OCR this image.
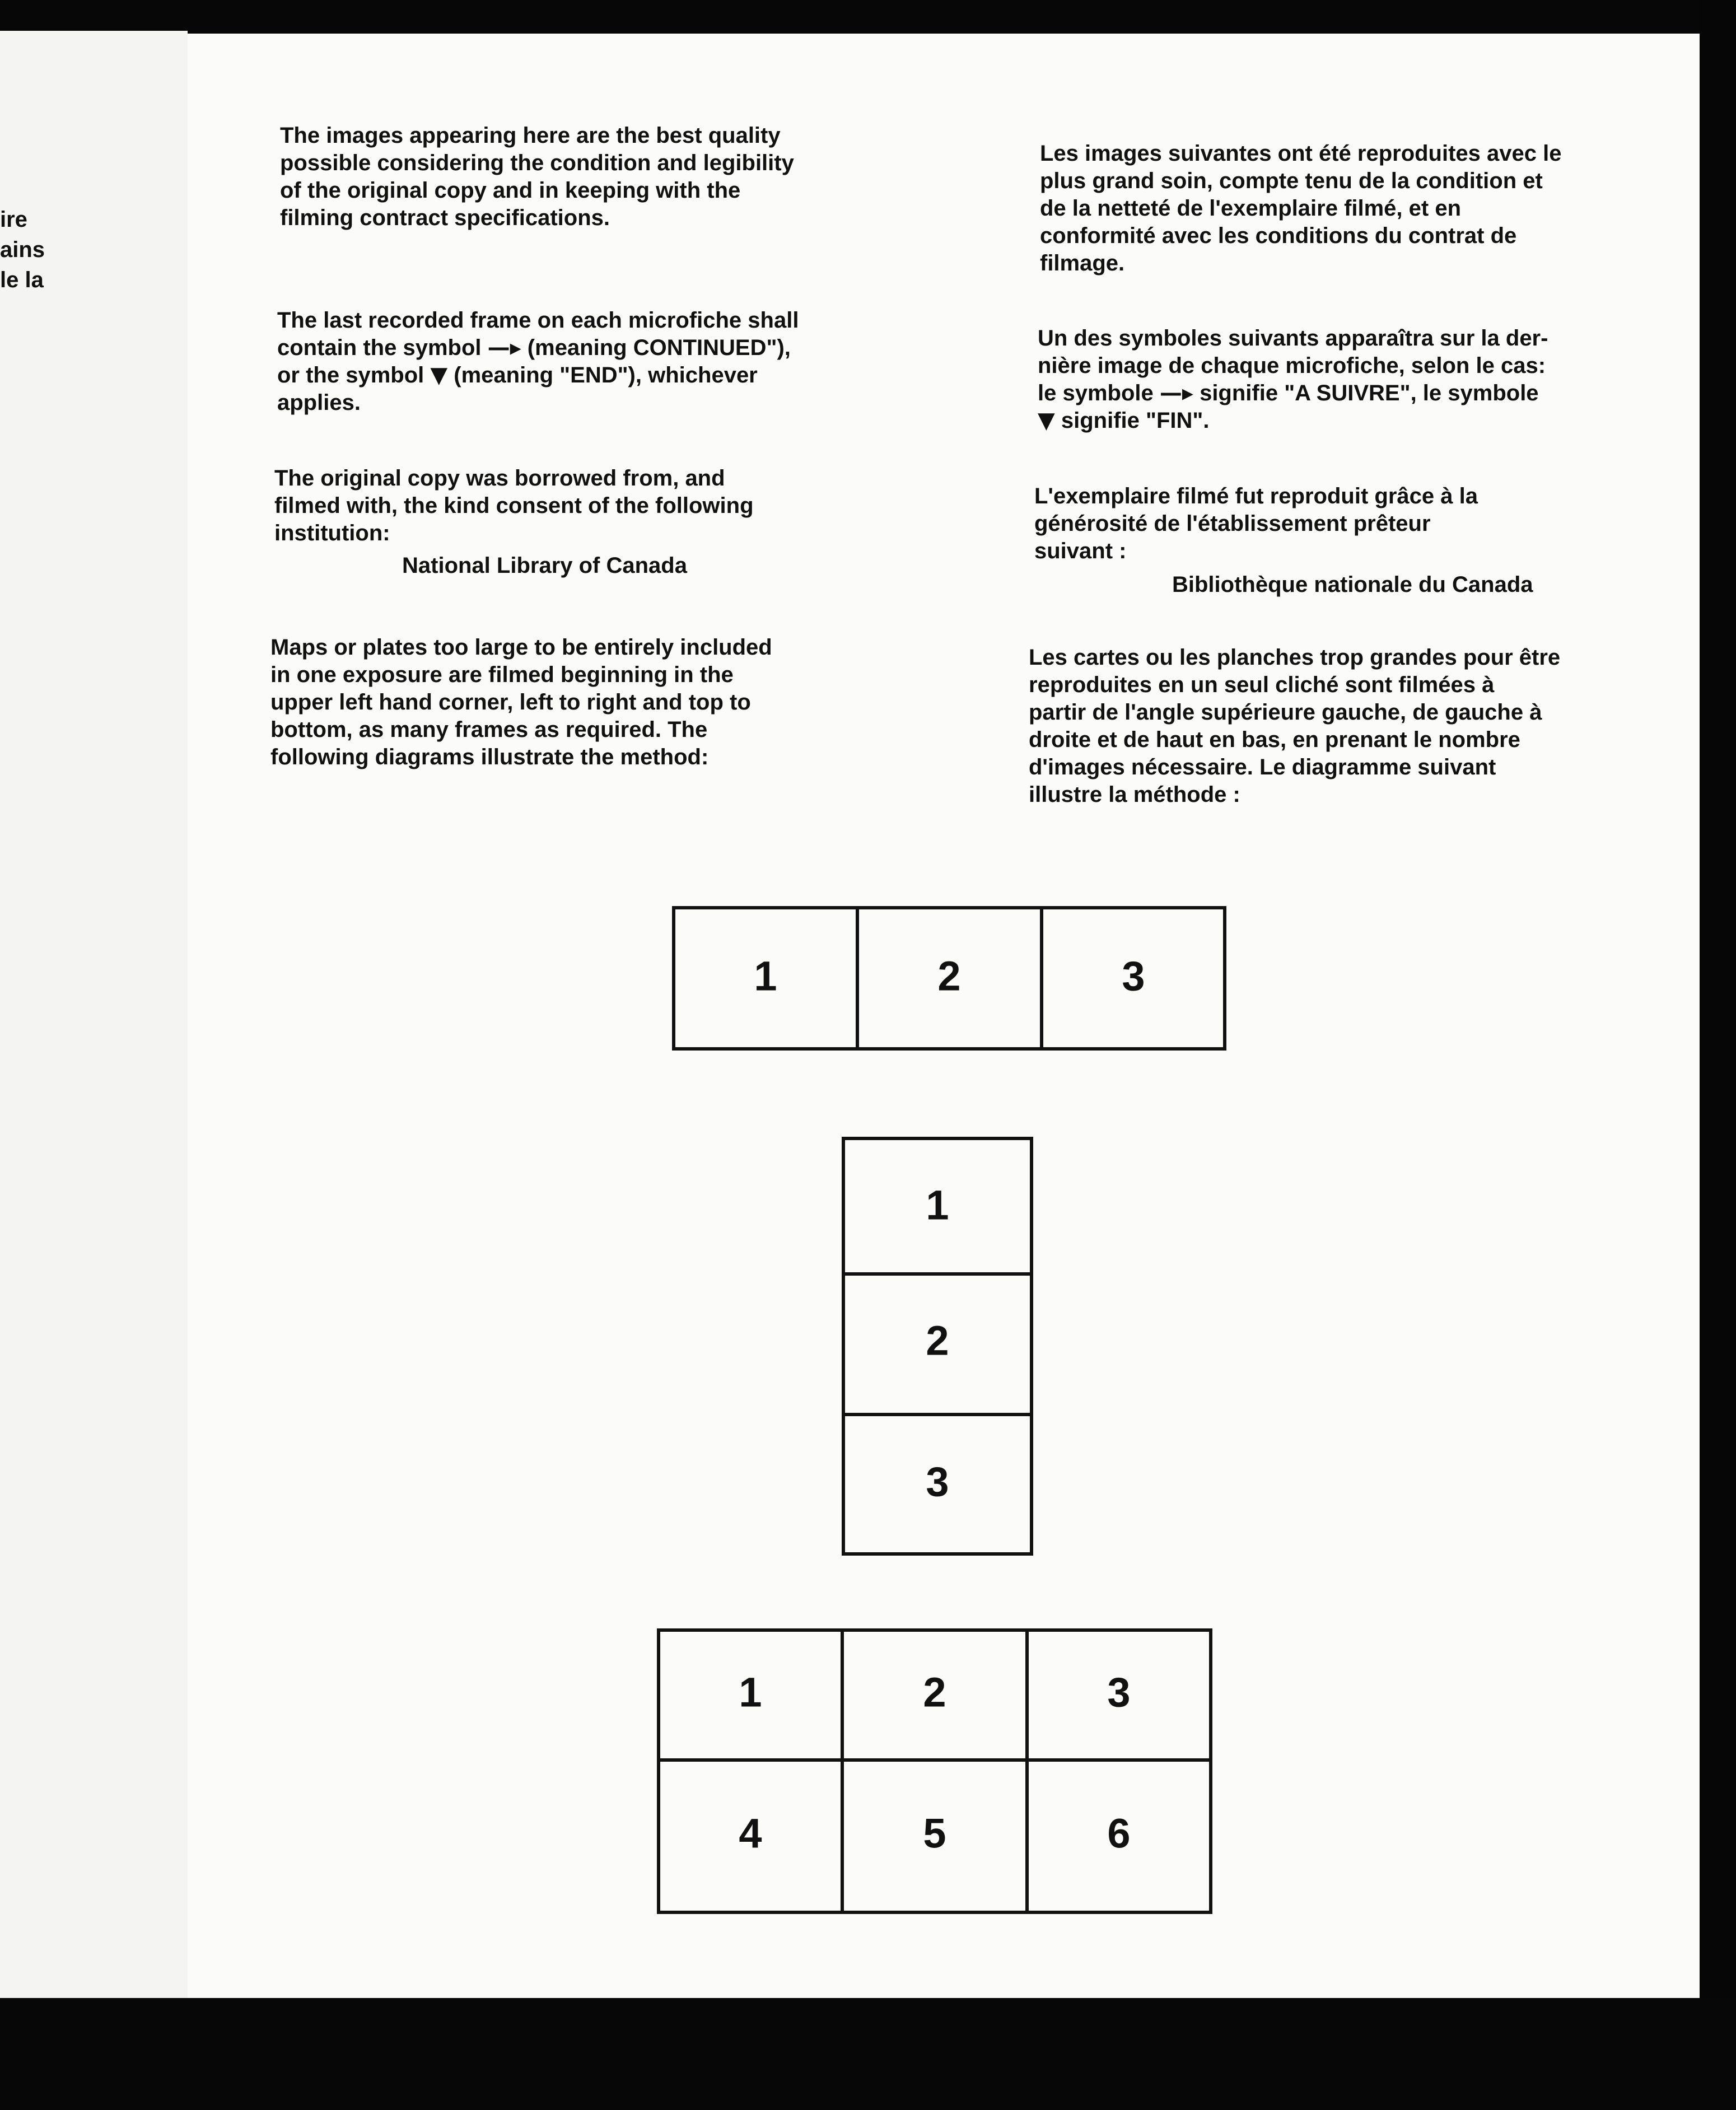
ire
ains
le la

The images appearing here are the best quality
possible considering the condition and legibility
of the original copy and in keeping with the
filming contract specifications.

The last recorded frame on each microfiche shall
contain the symbol —▸ (meaning CONTINUED"),
or the symbol ▼ (meaning "END"), whichever
applies.

The original copy was borrowed from, and
filmed with, the kind consent of the following
institution:

National Library of Canada

Maps or plates too large to be entirely included
in one exposure are filmed beginning in the
upper left hand corner, left to right and top to
bottom, as many frames as required. The
following diagrams illustrate the method:

Les images suivantes ont été reproduites avec le
plus grand soin, compte tenu de la condition et
de la netteté de l'exemplaire filmé, et en
conformité avec les conditions du contrat de
filmage.

Un des symboles suivants apparaîtra sur la der-
nière image de chaque microfiche, selon le cas:
le symbole —▸ signifie "A SUIVRE", le symbole
▼ signifie "FIN".

L'exemplaire filmé fut reproduit grâce à la
générosité de l'établissement prêteur
suivant :

Bibliothèque nationale du Canada

Les cartes ou les planches trop grandes pour être
reproduites en un seul cliché sont filmées à
partir de l'angle supérieure gauche, de gauche à
droite et de haut en bas, en prenant le nombre
d'images nécessaire. Le diagramme suivant
illustre la méthode :

1	2	3
1
2
3
1	2	3
4	5	6
